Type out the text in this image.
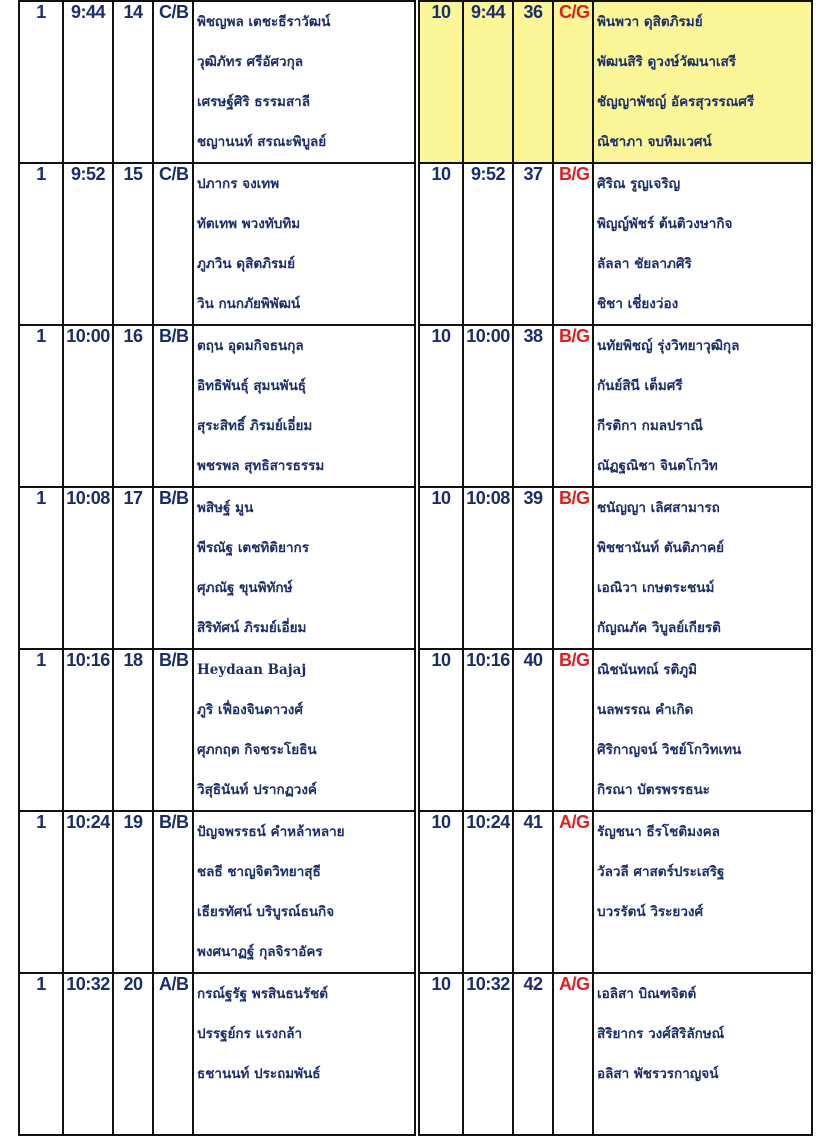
1	9:44	14	C/B	พิชญพล เตชะธีราวัฒน์
วุฒิภัทร ศรีอัศวกุล
เศรษฐ์ศิริ ธรรมสาลี
ชญานนท์ สรณะพิบูลย์

1	9:52	15	C/B	ปภากร จงเทพ
ทัตเทพ พวงทับทิม
ภูภวิน ดุสิตภิรมย์
วิน กนกภัยพิพัฒน์

1	10:00	16	B/B	ตฤน อุดมกิจธนกุล
อิทธิพันธุ์ สุมนพันธุ์
สุระสิทธิ์ ภิรมย์เอี่ยม
พชรพล สุทธิสารธรรม

1	10:08	17	B/B	พสิษฐ์ มูน
พีรณัฐ เตชทิติยากร
ศุภณัฐ ขุนพิทักษ์
สิริทัศน์ ภิรมย์เอี่ยม

1	10:16	18	B/B	Heydaan Bajaj
ภูริ เฟื่องจินดาวงศ์
ศุภกฤต กิจชระโยธิน
วิสุธินันท์ ปรากฏวงค์

1	10:24	19	B/B	ปัญจพรรธน์ คำหล้าหลาย
ชลธี ชาญจิตวิทยาสุธี
เธียรทัศน์ บริบูรณ์ธนกิจ
พงศนาฏฐ์ กุลจิราอัคร

1	10:32	20	A/B	กรณ์ฐรัฐ พรสินธนรัชต์
ปรรฐย์กร แรงกล้า
ธชานนท์ ประถมพันธ์
10	9:44	36	C/G	พินพวา ดุสิตภิรมย์
พัฒนสิริ ดูวงษ์วัฒนาเสรี
ชัญญาพัชญ์ อัครสุวรรณศรี
ณิชาภา จบหิมเวศน์

10	9:52	37	B/G	ศิริณ รูญเจริญ
พิญญ์พัชร์ ต้นติวงษากิจ
ลัลลา ชัยลาภศิริ
ชิชา เชี่ยงว่อง

10	10:00	38	B/G	นทัยพิชญ์ รุ่งวิทยาวุฒิกุล
กันย์สินี เต็มศรี
กีรติกา กมลปราณี
ณัฏฐณิชา จินตโกวิท

10	10:08	39	B/G	ชนัญญา เลิศสามารถ
พิชชานันท์ ตันติภาคย์
เอณิวา เกษตระชนม์
กัญณภัค วิบูลย์เกียรติ

10	10:16	40	B/G	ณิชนันทณ์ รติภูมิ
นลพรรณ คำเกิด
ศิริกาญจน์ วิชย์โกวิทเทน
กิรณา บัตรพรรธนะ

10	10:24	41	A/G	รัญชนา ธีรโชติมงคล
วัลวลี ศาสตร์ประเสริฐ
บวรรัตน์ วิระยวงศ์

10	10:32	42	A/G	เอลิสา บิณฑจิตต์
สิริยากร วงศ์สิริลักษณ์
อลิสา พัชรวรกาญจน์
